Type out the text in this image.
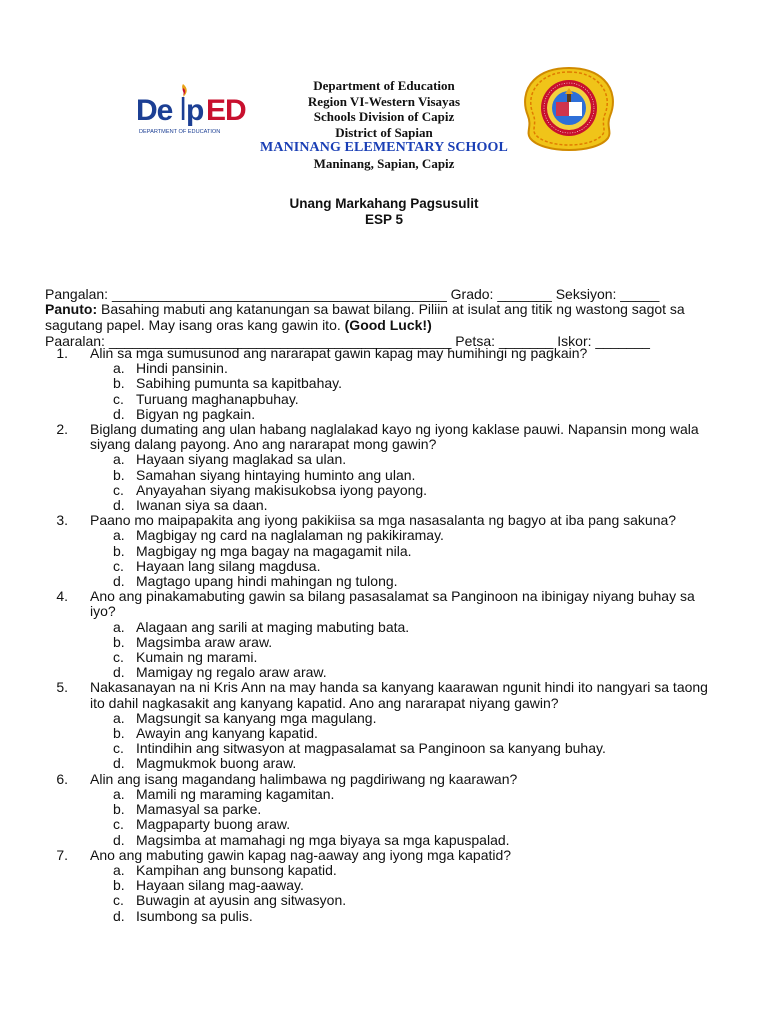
De p ED
DEPARTMENT OF EDUCATION
Department of Education
Region VI-Western Visayas
Schools Division of Capiz
District of Sapian
MANINANG ELEMENTARY SCHOOL
Maninang, Sapian, Capiz
Unang Markahang Pagsusulit
ESP 5

Pangalan: ___________________________________________ Grado: _______ Seksiyon: _____

Paaralan: ____________________________________________ Petsa: _______ Iskor: _______

Panuto: Basahing mabuti ang katanungan sa bawat bilang. Piliin at isulat ang titik ng wastong sagot sa sagutang papel. May isang oras kang gawin ito. (Good Luck!)
1.	Alin sa mga sumusunod ang nararapat gawin kapag may humihingi ng pagkain?
a. Hindi pansinin.
b. Sabihing pumunta sa kapitbahay.
c. Turuang maghanapbuhay.
d. Bigyan ng pagkain.
2.	Biglang dumating ang ulan habang naglalakad kayo ng iyong kaklase pauwi. Napansin mong wala siyang dalang payong. Ano ang nararapat mong gawin?
a. Hayaan siyang maglakad sa ulan.
b. Samahan siyang hintaying huminto ang ulan.
c. Anyayahan siyang makisukobsa iyong payong.
d. Iwanan siya sa daan.
3.	Paano mo maipapakita ang iyong pakikiisa sa mga nasasalanta ng bagyo at iba pang sakuna?
a. Magbigay ng card na naglalaman ng pakikiramay.
b. Magbigay ng mga bagay na magagamit nila.
c. Hayaan lang silang magdusa.
d. Magtago upang hindi mahingan ng tulong.
4.	Ano ang pinakamabuting gawin sa bilang pasasalamat sa Panginoon na ibinigay niyang buhay sa iyo?
a. Alagaan ang sarili at maging mabuting bata.
b. Magsimba araw araw.
c. Kumain ng marami.
d. Mamigay ng regalo araw araw.
5.	Nakasanayan na ni Kris Ann na may handa sa kanyang kaarawan ngunit hindi ito nangyari sa taong ito dahil nagkasakit ang kanyang kapatid. Ano ang nararapat niyang gawin?
a. Magsungit sa kanyang mga magulang.
b. Awayin ang kanyang kapatid.
c. Intindihin ang sitwasyon at magpasalamat sa Panginoon sa kanyang buhay.
d. Magmukmok buong araw.
6.	Alin ang isang magandang halimbawa ng pagdiriwang ng kaarawan?
a. Mamili ng maraming kagamitan.
b. Mamasyal sa parke.
c. Magpaparty buong araw.
d. Magsimba at mamahagi ng mga biyaya sa mga kapuspalad.
7.	Ano ang mabuting gawin kapag nag-aaway ang iyong mga kapatid?
a. Kampihan ang bunsong kapatid.
b. Hayaan silang mag-aaway.
c. Buwagin at ayusin ang sitwasyon.
d. Isumbong sa pulis.
